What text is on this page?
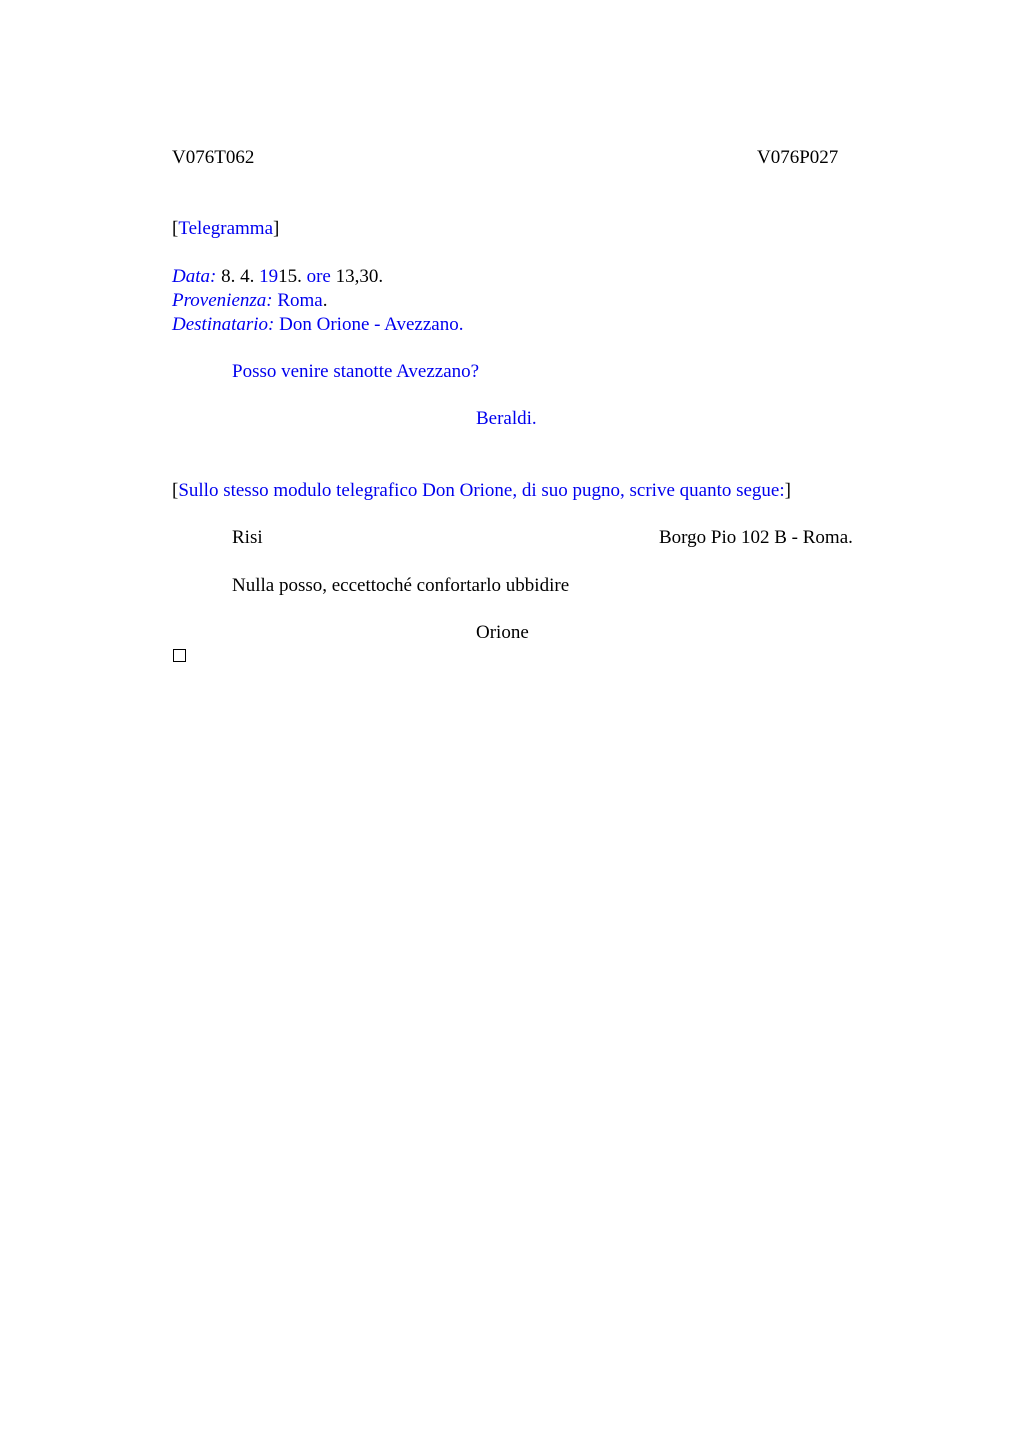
V076T062	V076P027
[Telegramma]
Data: 8. 4. 1915. ore 13,30.
Provenienza: Roma.
Destinatario: Don Orione - Avezzano.
Posso venire stanotte Avezzano?
Beraldi.
[Sullo stesso modulo telegrafico Don Orione, di suo pugno, scrive quanto segue:]
Risi	Borgo Pio 102 B - Roma.
Nulla posso, eccettoché confortarlo ubbidire
Orione
